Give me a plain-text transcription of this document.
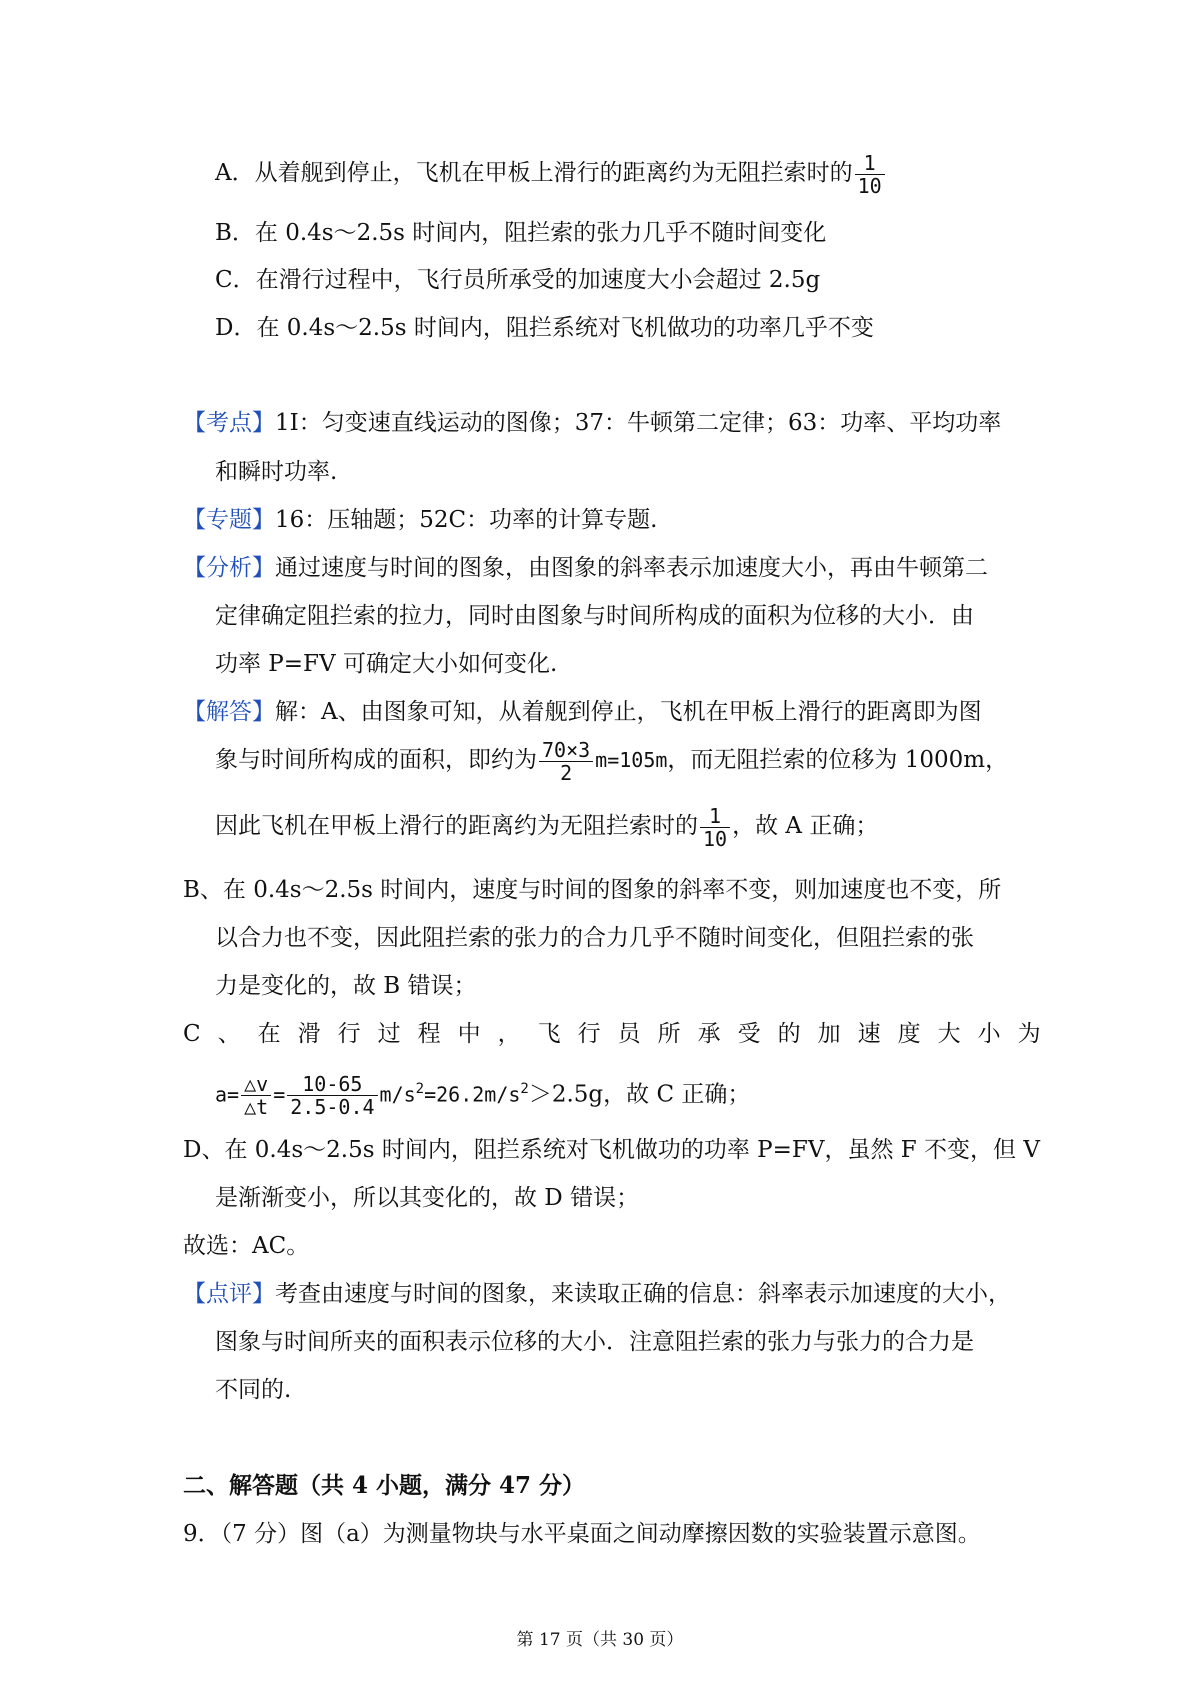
A．从着舰到停止，飞机在甲板上滑行的距离约为无阻拦索时的 $\frac{1}{10}$
B．在 0.4s～2.5s 时间内，阻拦索的张力几乎不随时间变化
C．在滑行过程中，飞行员所承受的加速度大小会超过 2.5g
D．在 0.4s～2.5s 时间内，阻拦系统对飞机做功的功率几乎不变
【考点】1I：匀变速直线运动的图像；37：牛顿第二定律；63：功率、平均功率
和瞬时功率.
【专题】16：压轴题；52C：功率的计算专题.
【分析】通过速度与时间的图象，由图象的斜率表示加速度大小，再由牛顿第二
定律确定阻拦索的拉力，同时由图象与时间所构成的面积为位移的大小．由
功率 P=FV 可确定大小如何变化.
【解答】解：A、由图象可知，从着舰到停止，飞机在甲板上滑行的距离即为图
象与时间所构成的面积，即约为 $\frac{70\times 3}{2} m=105m$，而无阻拦索的位移为 1000m，
因此飞机在甲板上滑行的距离约为无阻拦索时的 $\frac{1}{10}$ ，故 A 正确；
B、在 0.4s～2.5s 时间内，速度与时间的图象的斜率不变，则加速度也不变，所
以合力也不变，因此阻拦索的张力的合力几乎不随时间变化，但阻拦索的张
力是变化的，故 B 错误；
C、在滑行过程中，飞行员所承受的加速度大小为
$a= \frac{\triangle v}{\triangle t} = \frac{10-65}{2.5-0.4} m/s^2=26.2m/s^2>2.5g$，故 C 正确；
D、在 0.4s～2.5s 时间内，阻拦系统对飞机做功的功率 P=FV，虽然 F 不变，但 V
是渐渐变小，所以其变化的，故 D 错误；
故选：AC。
【点评】考查由速度与时间的图象，来读取正确的信息：斜率表示加速度的大小，
图象与时间所夹的面积表示位移的大小．注意阻拦索的张力与张力的合力是
不同的.
二、解答题（共 4 小题，满分 47 分）
9．（7 分）图（a）为测量物块与水平桌面之间动摩擦因数的实验装置示意图。
第 17 页（共 30 页）
